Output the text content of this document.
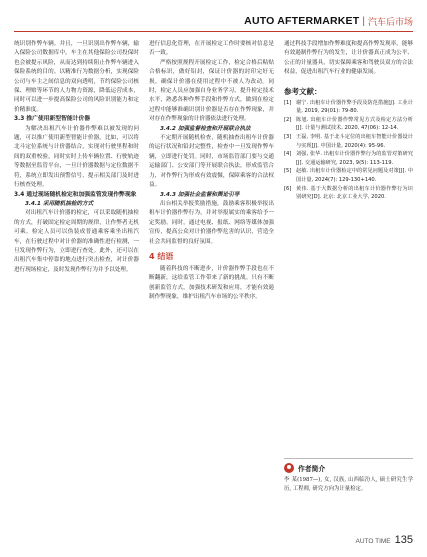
AUTO AFTERMARKET | 汽车后市场

统识别作弊车辆。并且，一旦识别出作弊车辆，输入保险公司数据库中，车主在其他保险公司投保时也会被提示风险，从而达到持续阻止作弊车辆进入保险系统的目的。以精准行为数据分析，实现保险公司与车主之间信息的双向透明，节约保险公司核保、理赔等环节的人力物力资源，降低运营成本，同时可以进一步提高保险公司的风险识别能力和定价精准度。

3.3 推广使用新型智能计价器

为解决出租汽车计价器作弊难以被发现的问题，可以推广使用新型智能计价器。比如，可以将北斗定位系统与计价器结合，实现对行驶里程和时间的双重校验，同时实时上传车辆位置、行驶轨迹等数据至监管平台，一旦计价器数据与定位数据不符，系统立即发出预警信号，提示相关部门及时进行核查处理。

3.4 通过现场随机检定和加强监管发现作弊现象

3.4.1 采用随机抽检的方式

对出租汽车计价器的检定，可以采取随机抽检的方式，打破固定检定周期的规律，让作弊者无机可乘。检定人员可以伪装成普通乘客乘坐出租汽车，在行驶过程中对计价器的准确性进行检测，一旦发现作弊行为，立即进行查处。此外，还可以在出租汽车集中停靠的地点进行突击检查，对计价器进行现场检定，及时发现作弊行为并予以处理。

进行信息化管理，在开展检定工作时要核对信息是否一致。

严格按照规程开展检定工作，检定合格后粘贴合格标识，做好铅封，保证计价器的封印完好无损，确保计价器在使用过程中不被人为改动。同时，检定人员应加强自身业务学习，提升检定技术水平，熟悉各种作弊手段和作弊方式，做到在检定过程中能够准确识别计价器是否存在作弊现象，并对存在作弊现象的计价器依法进行处理。

3.4.2 加强监督检查和开展联合执法

不定期开展随机检查，随机抽查出租车计价器的运行状况和铅封完整性，检查中一旦发现作弊车辆，立即进行处罚。同时，市场监管部门要与交通运输部门、公安部门等开展联合执法，形成监管合力，对作弊行为形成有效震慑，保障乘客的合法权益。

3.4.3 加强社会监督和舆论引导

出台相关举报奖励措施，鼓励乘客积极举报出租车计价器作弊行为，并对举报属实的乘客给予一定奖励。同时，通过电视、报纸、网络等媒体加强宣传，提高公众对计价器作弊危害的认识，营造全社会共同监督的良好氛围。

4 结语

随着科技的不断进步，计价器作弊手段也在不断翻新，这给监管工作带来了新的挑战。只有不断创新监管方式，加强技术研发和应用，才能有效遏制作弊现象，维护出租汽车市场的公平秩序。

通过科技手段增加作弊难度和提高作弊发现率，能够有效遏制作弊行为的发生，让计价器真正成为公平、公正的计量器具，切实保障乘客和驾驶员双方的合法权益，促进出租汽车行业的健康发展。

参考文献：
[1] 谢宁. 出租车计价器作弊手段及防范措施[J]. 工业计量, 2019, 29(01): 79-80.
[2] 陈旭. 出租车计价器作弊常见方式及检定方法分析[J]. 计量与测试技术, 2020, 47(06): 12-14.
[3] 王磊, 李明. 基于北斗定位的出租车智能计价器设计与实现[J]. 中国计量, 2020(4): 95-96.
[4] 刘强, 张华. 出租车计价器作弊行为的监管对策研究[J]. 交通运输研究, 2023, 9(5): 113-119.
[5] 赵敏. 出租车计价器检定中的常见问题及对策[J]. 中国计量, 2024(7): 129-130+140.
[6] 黄伟. 基于大数据分析的出租车计价器作弊行为识别研究[D]. 北京: 北京工业大学, 2020.
作者简介
李 某(1987—), 女, 汉族, 山西临汾人, 硕士研究生学历, 工程师, 研究方向为计量检定。
AUTO TIME 135
